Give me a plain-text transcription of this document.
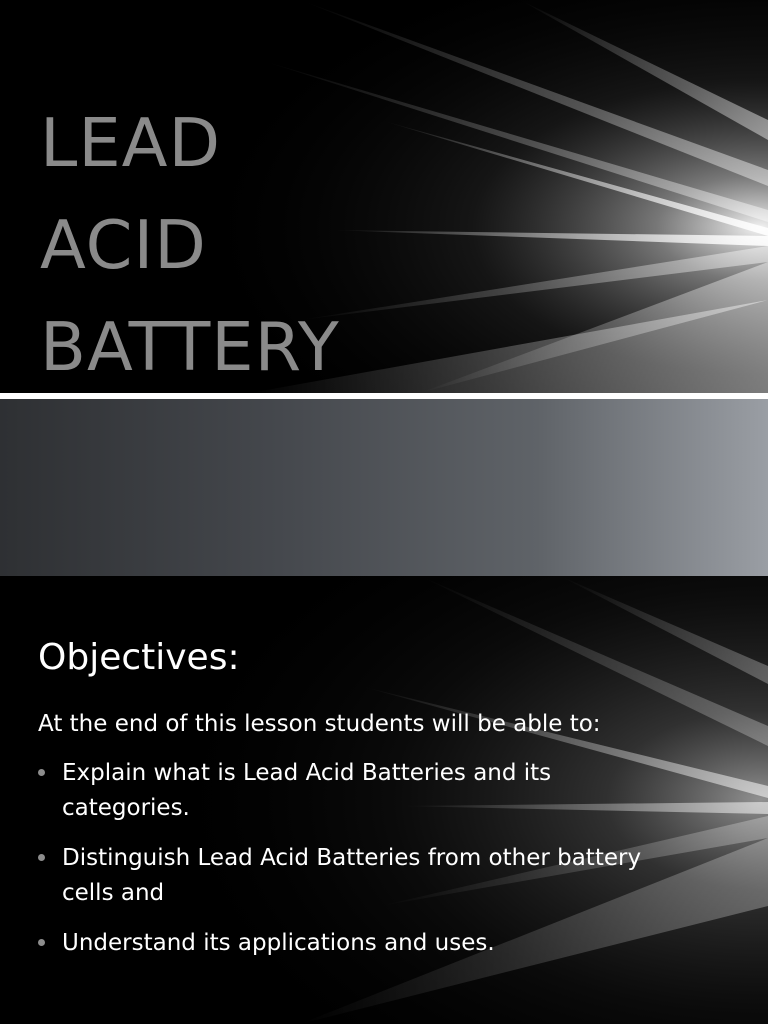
LEAD
ACID
BATTERY
Objectives:

At the end of this lesson students will be able to:

Explain what is Lead Acid Batteries and its categories.
Distinguish Lead Acid Batteries from other battery cells and
Understand its applications and uses.
